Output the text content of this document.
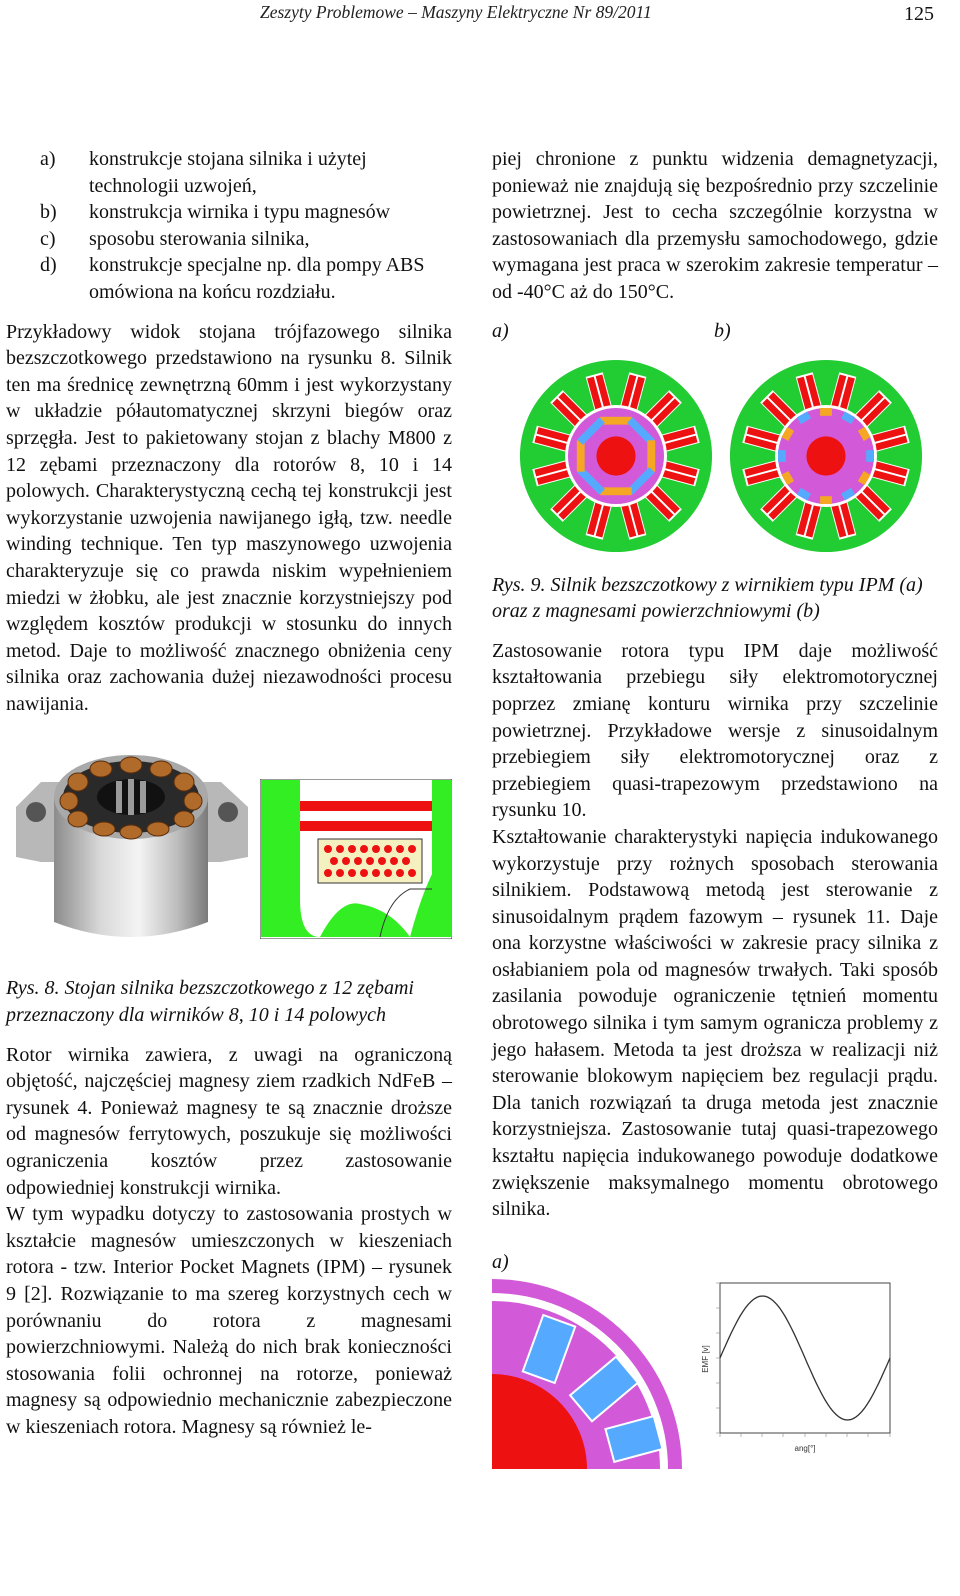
Zeszyty Problemowe – Maszyny Elektryczne Nr 89/2011	125
a) konstrukcje stojana silnika i użytej technologii uzwojeń,
b) konstrukcja wirnika i typu magnesów
c) sposobu sterowania silnika,
d) konstrukcje specjalne np. dla pompy ABS omówiona na końcu rozdziału.

Przykładowy widok stojana trójfazowego silnika bezszczotkowego przedstawiono na rysunku 8. Silnik ten ma średnicę zewnętrzną 60mm i jest wykorzystany w układzie półautomatycznej skrzyni biegów oraz sprzęgła. Jest to pakietowany stojan z blachy M800 z 12 zębami przeznaczony dla rotorów 8, 10 i 14 polowych. Charakterystyczną cechą tej konstrukcji jest wykorzystanie uzwojenia nawijanego igłą, tzw. needle winding technique. Ten typ maszynowego uzwojenia charakteryzuje się co prawda niskim wypełnieniem miedzi w żłobku, ale jest znacznie korzystniejszy pod względem kosztów produkcji w stosunku do innych metod. Daje to możliwość znacznego obniżenia ceny silnika oraz zachowania dużej niezawodności procesu nawijania.

Rys. 8. Stojan silnika bezszczotkowego z 12 zębami przeznaczony dla wirników 8, 10 i 14 polowych

Rotor wirnika zawiera, z uwagi na ograniczoną objętość, najczęściej magnesy ziem rzadkich NdFeB – rysunek 4. Ponieważ magnesy te są znacznie droższe od magnesów ferrytowych, poszukuje się możliwości ograniczenia kosztów przez zastosowanie odpowiedniej konstrukcji wirnika.

W tym wypadku dotyczy to zastosowania prostych w kształcie magnesów umieszczonych w kieszeniach rotora - tzw. Interior Pocket Magnets (IPM) – rysunek 9 [2]. Rozwiązanie to ma szereg korzystnych cech w porównaniu do rotora z magnesami powierzchniowymi. Należą do nich brak konieczności stosowania folii ochronnej na rotorze, ponieważ magnesy są odpowiednio mechanicznie zabezpieczone w kieszeniach rotora. Magnesy są również le-

piej chronione z punktu widzenia demagnetyzacji, ponieważ nie znajdują się bezpośrednio przy szczelinie powietrznej. Jest to cecha szczególnie korzystna w zastosowaniach dla przemysłu samochodowego, gdzie wymagana jest praca w szerokim zakresie temperatur – od -40°C aż do 150°C.

a)	b)

Rys. 9. Silnik bezszczotkowy z wirnikiem typu IPM (a) oraz z magnesami powierzchniowymi (b)

Zastosowanie rotora typu IPM daje możliwość kształtowania przebiegu siły elektromotorycznej poprzez zmianę konturu wirnika przy szczelinie powietrznej. Przykładowe wersje z sinusoidalnym przebiegiem siły elektromotorycznej oraz z przebiegiem quasi-trapezowym przedstawiono na rysunku 10.

Kształtowanie charakterystyki napięcia indukowanego wykorzystuje przy rożnych sposobach sterowania silnikiem. Podstawową metodą jest sterowanie z sinusoidalnym prądem fazowym – rysunek 11. Daje ona korzystne właściwości w zakresie pracy silnika z osłabianiem pola od magnesów trwałych. Taki sposób zasilania powoduje ograniczenie tętnień momentu obrotowego silnika i tym samym ogranicza problemy z jego hałasem. Metoda ta jest droższa w realizacji niż sterowanie blokowym napięciem bez regulacji prądu. Dla tanich rozwiązań ta druga metoda jest znacznie korzystniejsza. Zastosowanie tutaj quasi-trapezowego kształtu napięcia indukowanego powoduje dodatkowe zwiększenie maksymalnego momentu obrotowego silnika.

a)
EMF [v]
ang[°]
